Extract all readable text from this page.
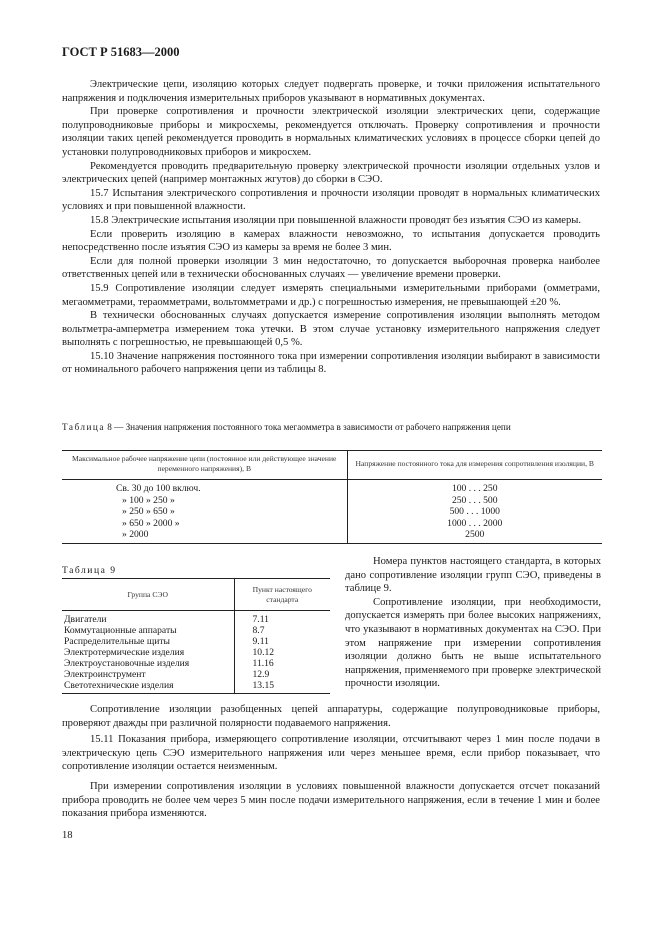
ГОСТ Р 51683—2000

Электрические цепи, изоляцию которых следует подвергать проверке, и точки приложения испытательного напряжения и подключения измерительных приборов указывают в нормативных документах.

При проверке сопротивления и прочности электрической изоляции электрических цепи, содержащие полупроводниковые приборы и микросхемы, рекомендуется отключать. Проверку сопротивления и прочности изоляции таких цепей рекомендуется проводить в нормальных климатических условиях в процессе сборки цепей до установки полупроводниковых приборов и микросхем.

Рекомендуется проводить предварительную проверку электрической прочности изоляции отдельных узлов и электрических цепей (например монтажных жгутов) до сборки в СЭО.

15.7 Испытания электрического сопротивления и прочности изоляции проводят в нормальных климатических условиях и при повышенной влажности.

15.8 Электрические испытания изоляции при повышенной влажности проводят без изъятия СЭО из камеры.

Если проверить изоляцию в камерах влажности невозможно, то испытания допускается проводить непосредственно после изъятия СЭО из камеры за время не более 3 мин.

Если для полной проверки изоляции 3 мин недостаточно, то допускается выборочная проверка наиболее ответственных цепей или в технически обоснованных случаях — увеличение времени проверки.

15.9 Сопротивление изоляции следует измерять специальными измерительными приборами (омметрами, мегаомметрами, тераомметрами, вольтомметрами и др.) с погрешностью измерения, не превышающей ±20 %.

В технически обоснованных случаях допускается измерение сопротивления изоляции выполнять методом вольтметра-амперметра измерением тока утечки. В этом случае установку измерительного напряжения следует выполнять с погрешностью, не превышающей 0,5 %.

15.10 Значение напряжения постоянного тока при измерении сопротивления изоляции выбирают в зависимости от номинального рабочего напряжения цепи из таблицы 8.

Таблица 8 — Значения напряжения постоянного тока мегаомметра в зависимости от рабочего напряжения цепи
Максимальное рабочее напряжение цепи (постоянное или действующее значение переменного напряжения), В	Напряжение постоянного тока для измерения сопротивления изоляции, В
Св. 30 до 100 включ.	100 . . . 250
» 100 » 250 »	250 . . . 500
» 250 » 650 »	500 . . . 1000
» 650 » 2000 »	1000 . . . 2000
» 2000	2500
Таблица 9
Группа СЭО	Пункт настоящего стандарта
Двигатели	7.11
Коммутационные аппараты	8.7
Распределительные щиты	9.11
Электротермические изделия	10.12
Электроустановочные изделия	11.16
Электроинструмент	12.9
Светотехнические изделия	13.15

Номера пунктов настоящего стандарта, в которых дано сопротивление изоляции групп СЭО, приведены в таблице 9.

Сопротивление изоляции, при необходимости, допускается измерять при более высоких напряжениях, что указывают в нормативных документах на СЭО. При этом напряжение при измерении сопротивления изоляции должно быть не выше испытательного напряжения, применяемого при проверке электрической прочности изоляции.

Сопротивление изоляции разобщенных цепей аппаратуры, содержащие полупроводниковые приборы, проверяют дважды при различной полярности подаваемого напряжения.

15.11 Показания прибора, измеряющего сопротивление изоляции, отсчитывают через 1 мин после подачи в электрическую цепь СЭО измерительного напряжения или через меньшее время, если прибор показывает, что сопротивление изоляции остается неизменным.

При измерении сопротивления изоляции в условиях повышенной влажности допускается отсчет показаний прибора проводить не более чем через 5 мин после подачи измерительного напряжения, если в течение 1 мин и более показания прибора изменяются.

18
